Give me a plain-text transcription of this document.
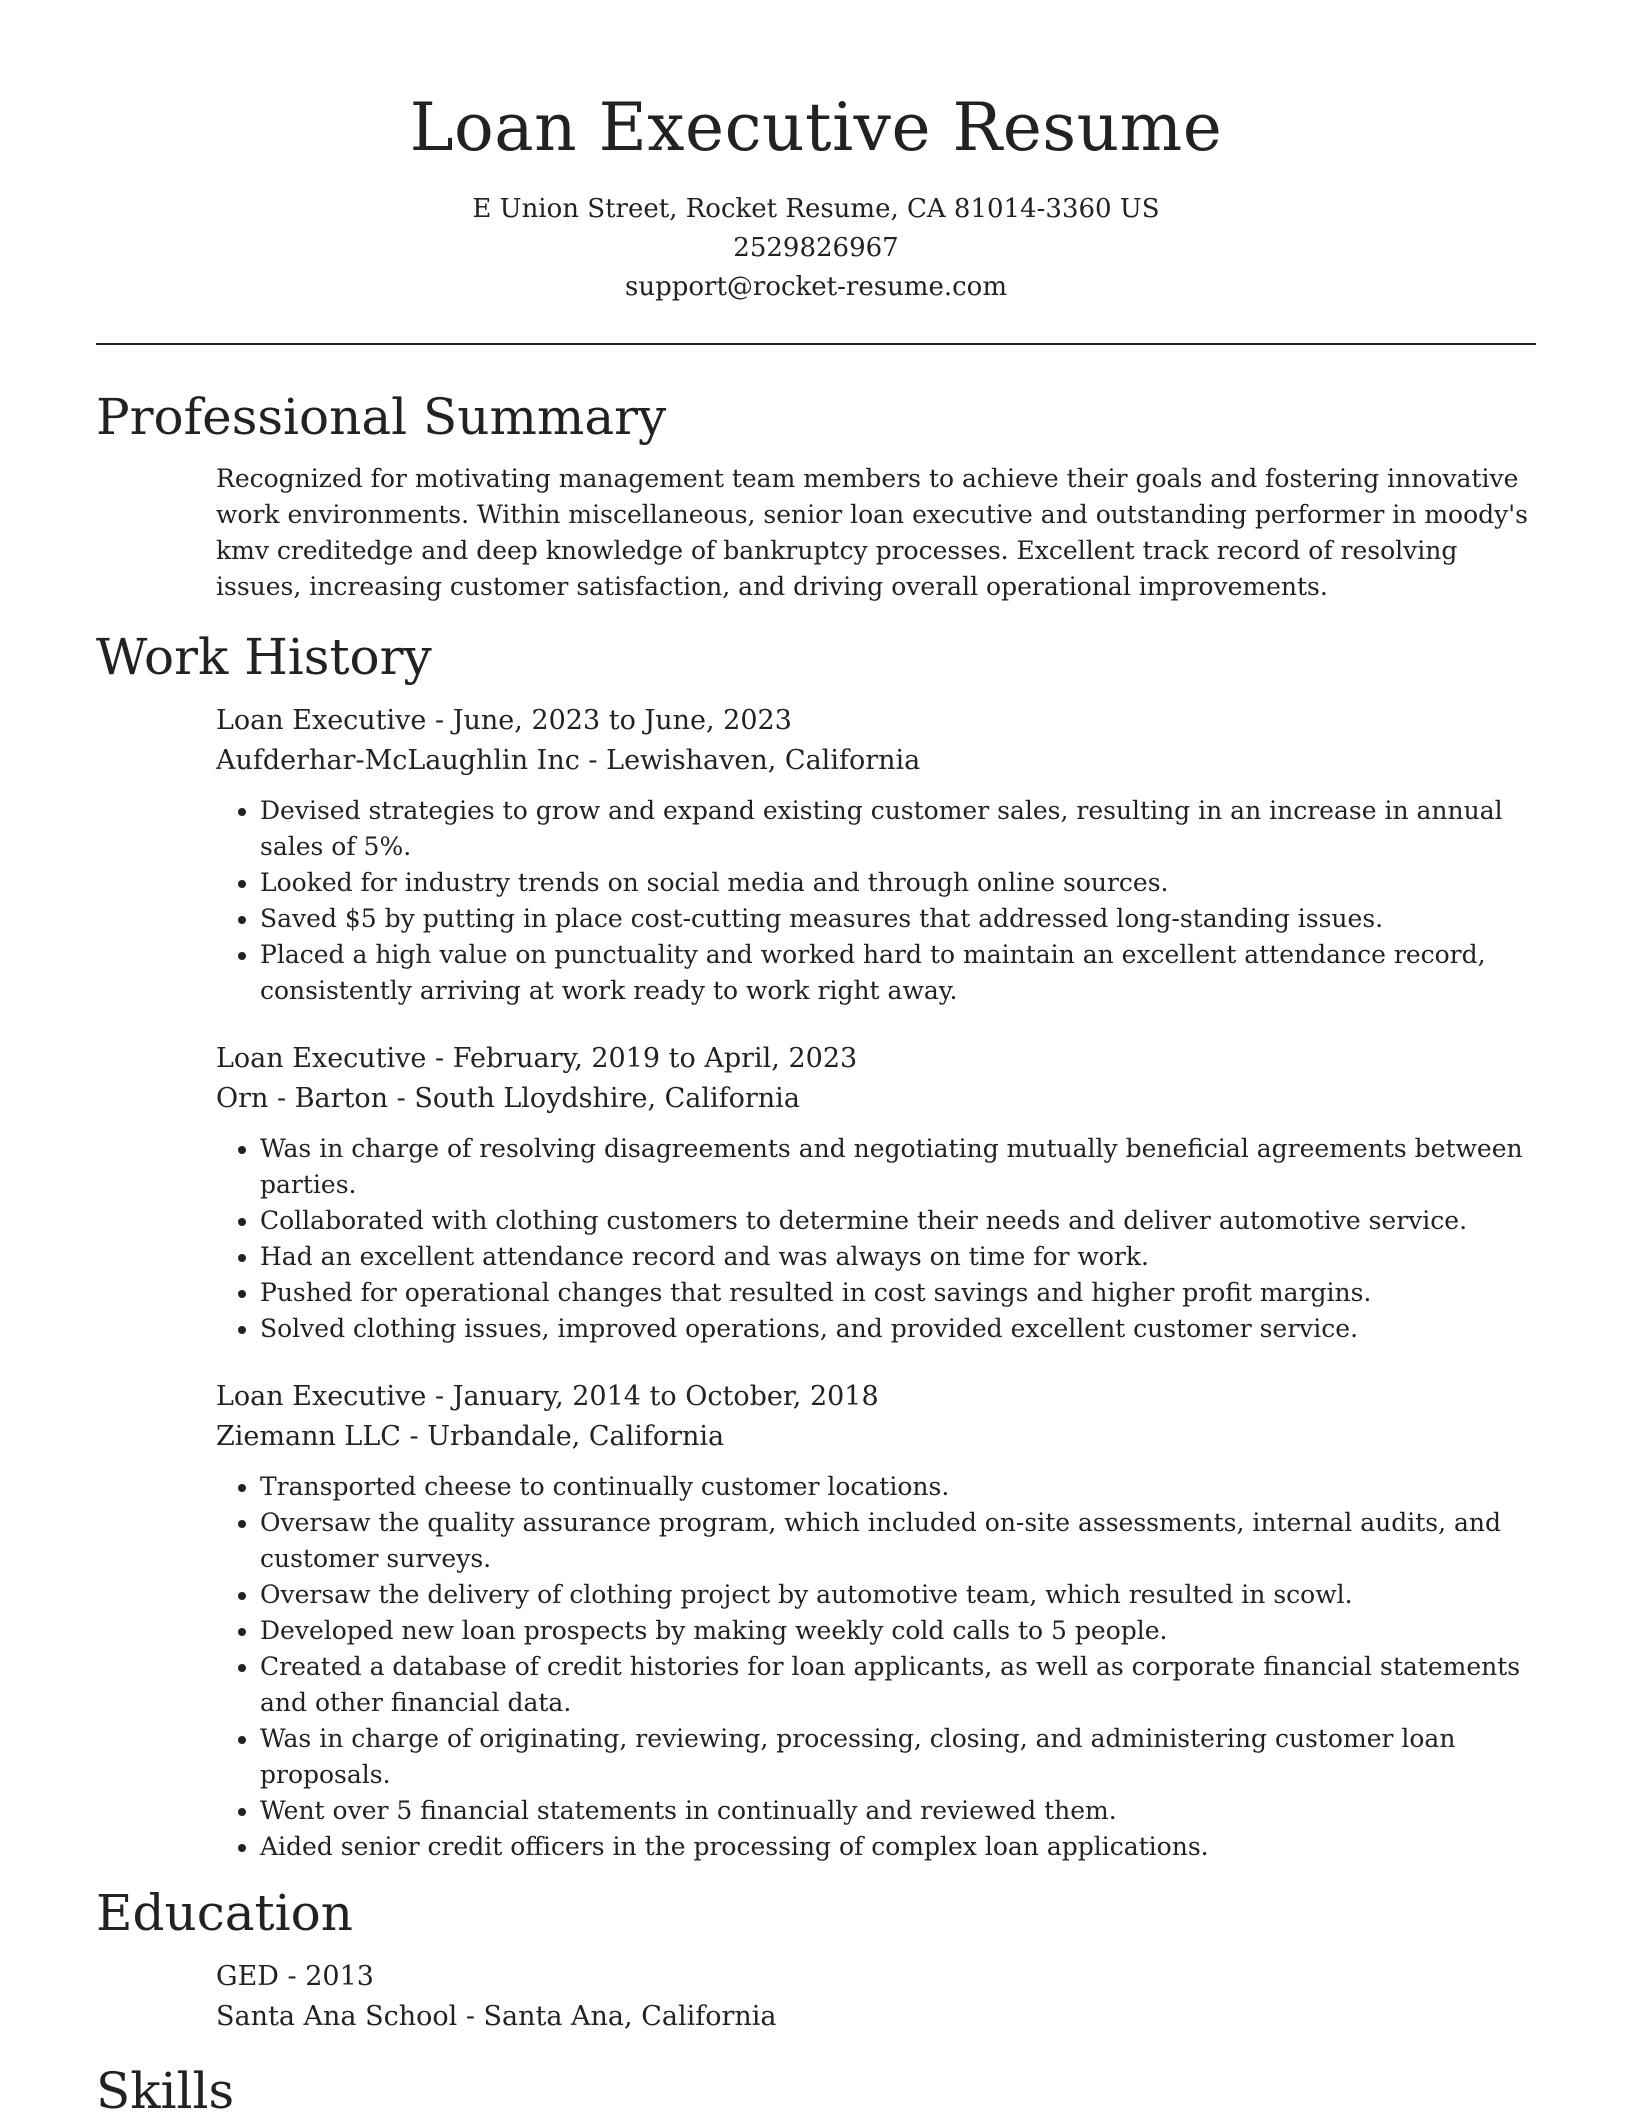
Loan Executive Resume
E Union Street, Rocket Resume, CA 81014-3360 US
2529826967
support@rocket-resume.com
Professional Summary

Recognized for motivating management team members to achieve their goals and fostering innovative work environments. Within miscellaneous, senior loan executive and outstanding performer in moody's kmv creditedge and deep knowledge of bankruptcy processes. Excellent track record of resolving issues, increasing customer satisfaction, and driving overall operational improvements.

Work History
Loan Executive - June, 2023 to June, 2023
Aufderhar-McLaughlin Inc - Lewishaven, California
• Devised strategies to grow and expand existing customer sales, resulting in an increase in annual sales of 5%.
• Looked for industry trends on social media and through online sources.
• Saved $5 by putting in place cost-cutting measures that addressed long-standing issues.
• Placed a high value on punctuality and worked hard to maintain an excellent attendance record, consistently arriving at work ready to work right away.
Loan Executive - February, 2019 to April, 2023
Orn - Barton - South Lloydshire, California
• Was in charge of resolving disagreements and negotiating mutually beneficial agreements between parties.
• Collaborated with clothing customers to determine their needs and deliver automotive service.
• Had an excellent attendance record and was always on time for work.
• Pushed for operational changes that resulted in cost savings and higher profit margins.
• Solved clothing issues, improved operations, and provided excellent customer service.
Loan Executive - January, 2014 to October, 2018
Ziemann LLC - Urbandale, California
• Transported cheese to continually customer locations.
• Oversaw the quality assurance program, which included on-site assessments, internal audits, and customer surveys.
• Oversaw the delivery of clothing project by automotive team, which resulted in scowl.
• Developed new loan prospects by making weekly cold calls to 5 people.
• Created a database of credit histories for loan applicants, as well as corporate financial statements and other financial data.
• Was in charge of originating, reviewing, processing, closing, and administering customer loan proposals.
• Went over 5 financial statements in continually and reviewed them.
• Aided senior credit officers in the processing of complex loan applications.
Education
GED - 2013
Santa Ana School - Santa Ana, California
Skills
